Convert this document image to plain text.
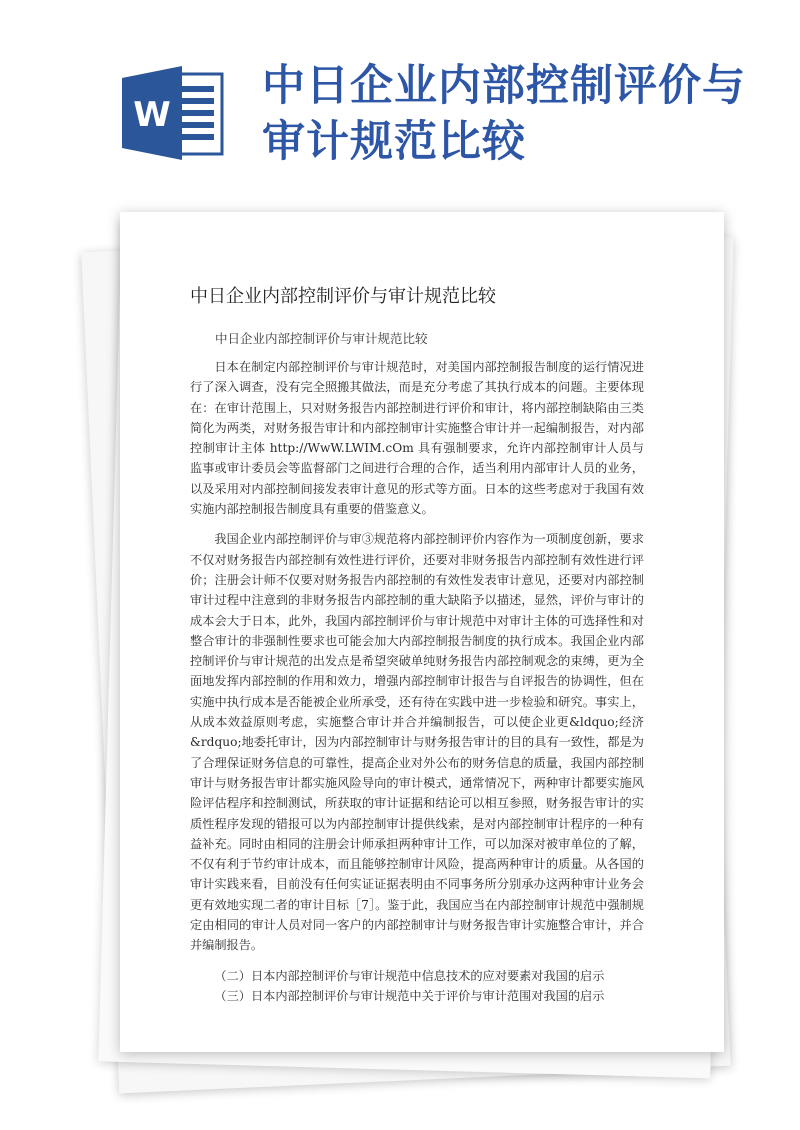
W
中日企业内部控制评价与审计规范比较
中日企业内部控制评价与审计规范比较
中日企业内部控制评价与审计规范比较

日本在制定内部控制评价与审计规范时，对美国内部控制报告制度的运行情况进行了深入调查，没有完全照搬其做法，而是充分考虑了其执行成本的问题。主要体现在：在审计范围上，只对财务报告内部控制进行评价和审计，将内部控制缺陷由三类简化为两类，对财务报告审计和内部控制审计实施整合审计并一起编制报告，对内部控制审计主体 http://WwW.LWIM.cOm 具有强制要求，允许内部控制审计人员与监事或审计委员会等监督部门之间进行合理的合作，适当利用内部审计人员的业务，以及采用对内部控制间接发表审计意见的形式等方面。日本的这些考虑对于我国有效实施内部控制报告制度具有重要的借鉴意义。

我国企业内部控制评价与审③规范将内部控制评价内容作为一项制度创新，要求不仅对财务报告内部控制有效性进行评价，还要对非财务报告内部控制有效性进行评价；注册会计师不仅要对财务报告内部控制的有效性发表审计意见，还要对内部控制审计过程中注意到的非财务报告内部控制的重大缺陷予以描述，显然，评价与审计的成本会大于日本，此外，我国内部控制评价与审计规范中对审计主体的可选择性和对整合审计的非强制性要求也可能会加大内部控制报告制度的执行成本。我国企业内部控制评价与审计规范的出发点是希望突破单纯财务报告内部控制观念的束缚，更为全面地发挥内部控制的作用和效力，增强内部控制审计报告与自评报告的协调性，但在实施中执行成本是否能被企业所承受，还有待在实践中进一步检验和研究。事实上，从成本效益原则考虑，实施整合审计并合并编制报告，可以使企业更&ldquo;经济&rdquo;地委托审计，因为内部控制审计与财务报告审计的目的具有一致性，都是为了合理保证财务信息的可靠性，提高企业对外公布的财务信息的质量，我国内部控制审计与财务报告审计都实施风险导向的审计模式，通常情况下，两种审计都要实施风险评估程序和控制测试，所获取的审计证据和结论可以相互参照，财务报告审计的实质性程序发现的错报可以为内部控制审计提供线索，是对内部控制审计程序的一种有益补充。同时由相同的注册会计师承担两种审计工作，可以加深对被审单位的了解，不仅有利于节约审计成本，而且能够控制审计风险，提高两种审计的质量。从各国的审计实践来看，目前没有任何实证证据表明由不同事务所分别承办这两种审计业务会更有效地实现二者的审计目标［7］。鉴于此，我国应当在内部控制审计规范中强制规定由相同的审计人员对同一客户的内部控制审计与财务报告审计实施整合审计，并合并编制报告。

（二）日本内部控制评价与审计规范中信息技术的应对要素对我国的启示

（三）日本内部控制评价与审计规范中关于评价与审计范围对我国的启示
